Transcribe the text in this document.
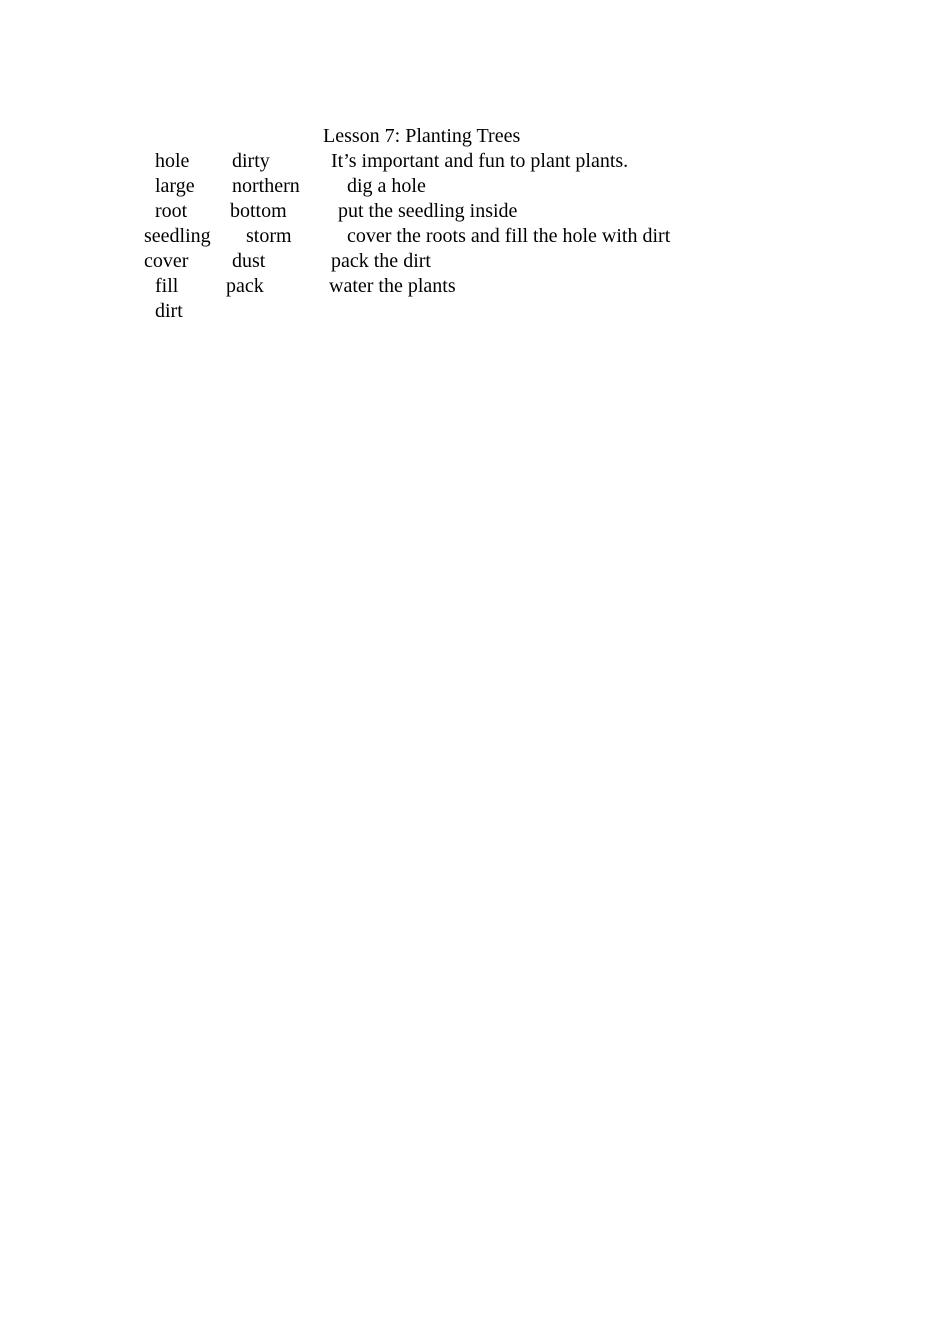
Lesson 7: Planting Trees
hole
large
root
seedling
cover
fill
dirt
dirty
northern
bottom
storm
dust
pack
It’s important and fun to plant plants.
dig a hole
put the seedling inside
cover the roots and fill the hole with dirt
pack the dirt
water the plants
